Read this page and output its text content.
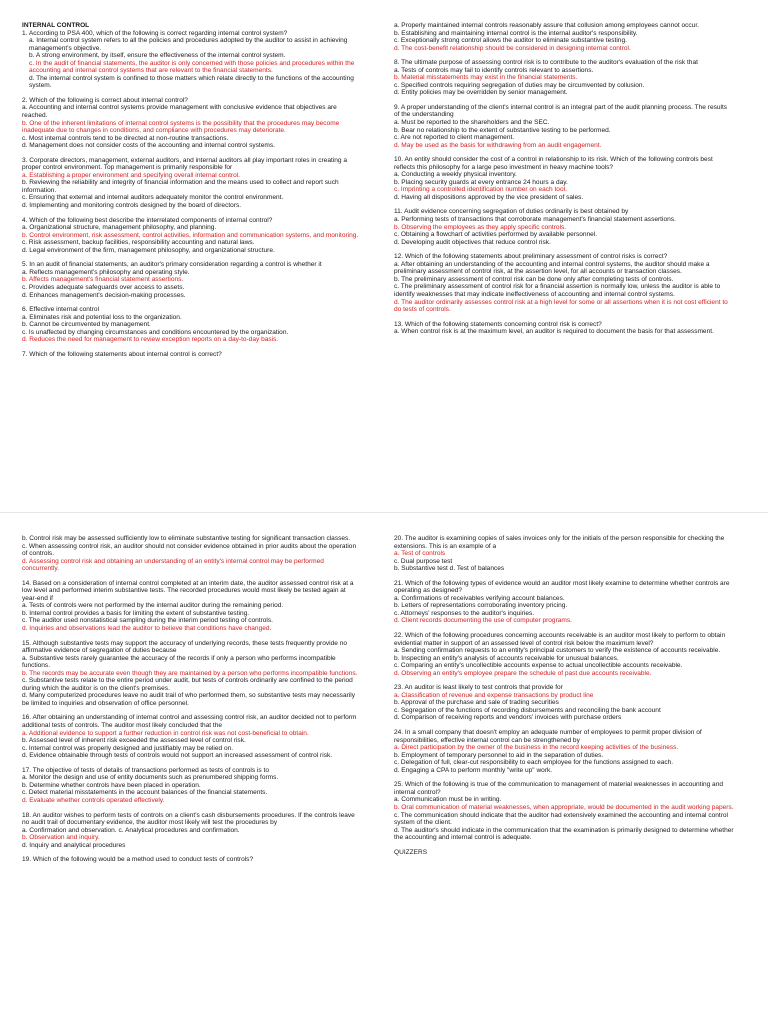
INTERNAL CONTROL

1. According to PSA 400, which of the following is correct regarding internal control system?

a. Internal control system refers to all the policies and procedures adopted by the auditor to assist in achieving management's objective.

b. A strong environment, by itself, ensure the effectiveness of the internal control system.

c. In the audit of financial statements, the auditor is only concerned with those policies and procedures within the accounting and internal control systems that are relevant to the financial statements.

d. The internal control system is confined to those matters which relate directly to the functions of the accounting system.

2. Which of the following is correct about internal control?

a. Accounting and internal control systems provide management with conclusive evidence that objectives are reached.

b. One of the inherent limitations of internal control systems is the possibility that the procedures may become inadequate due to changes in conditions, and compliance with procedures may deteriorate.

c. Most internal controls tend to be directed at non-routine transactions.

d. Management does not consider costs of the accounting and internal control systems.

3. Corporate directors, management, external auditors, and internal auditors all play important roles in creating a proper control environment. Top management is primarily responsible for

a. Establishing a proper environment and specifying overall internal control.

b. Reviewing the reliability and integrity of financial information and the means used to collect and report such information.

c. Ensuring that external and internal auditors adequately monitor the control environment.

d. Implementing and monitoring controls designed by the board of directors.

4. Which of the following best describe the interrelated components of internal control?

a. Organizational structure, management philosophy, and planning.

b. Control environment, risk assessment, control activities, information and communication systems, and monitoring.

c. Risk assessment, backup facilities, responsibility accounting and natural laws.

d. Legal environment of the firm, management philosophy, and organizational structure.

5. In an audit of financial statements, an auditor's primary consideration regarding a control is whether it

a. Reflects management's philosophy and operating style.

b. Affects management's financial statement assertions.

c. Provides adequate safeguards over access to assets.

d. Enhances management's decision-making processes.

6. Effective internal control

a. Eliminates risk and potential loss to the organization.

b. Cannot be circumvented by management.

c. Is unaffected by changing circumstances and conditions encountered by the organization.

d. Reduces the need for management to review exception reports on a day-to-day basis.

7. Which of the following statements about internal control is correct?

a. Properly maintained internal controls reasonably assure that collusion among employees cannot occur.

b. Establishing and maintaining internal control is the internal auditor's responsibility.

c. Exceptionally strong control allows the auditor to eliminate substantive testing.

d. The cost-benefit relationship should be considered in designing internal control.

8. The ultimate purpose of assessing control risk is to contribute to the auditor's evaluation of the risk that

a. Tests of controls may fail to identify controls relevant to assertions.

b. Material misstatements may exist in the financial statements.

c. Specified controls requiring segregation of duties may be circumvented by collusion.

d. Entity policies may be overridden by senior management.

9. A proper understanding of the client's internal control is an integral part of the audit planning process. The results of the understanding

a. Must be reported to the shareholders and the SEC.

b. Bear no relationship to the extent of substantive testing to be performed.

c. Are not reported to client management.

d. May be used as the basis for withdrawing from an audit engagement.

10. An entity should consider the cost of a control in relationship to its risk. Which of the following controls best reflects this philosophy for a large peso investment in heavy machine tools?

a. Conducting a weekly physical inventory.

b. Placing security guards at every entrance 24 hours a day.

c. Imprinting a controlled identification number on each tool.

d. Having all dispositions approved by the vice president of sales.

11. Audit evidence concerning segregation of duties ordinarily is best obtained by

a. Performing tests of transactions that corroborate management's financial statement assertions.

b. Observing the employees as they apply specific controls.

c. Obtaining a flowchart of activities performed by available personnel.

d. Developing audit objectives that reduce control risk.

12. Which of the following statements about preliminary assessment of control risks is correct?

a. After obtaining an understanding of the accounting and internal control systems, the auditor should make a preliminary assessment of control risk, at the assertion level, for all accounts or transaction classes.

b. The preliminary assessment of control risk can be done only after completing tests of controls.

c. The preliminary assessment of control risk for a financial assertion is normally low, unless the auditor is able to identify weaknesses that may indicate ineffectiveness of accounting and internal control systems.

d. The auditor ordinarily assesses control risk at a high level for some or all assertions when it is not cost efficient to do tests of controls.

13. Which of the following statements concerning control risk is correct?

a. When control risk is at the maximum level, an auditor is required to document the basis for that assessment.

b. Control risk may be assessed sufficiently low to eliminate substantive testing for significant transaction classes.

c. When assessing control risk, an auditor should not consider evidence obtained in prior audits about the operation of controls.

d. Assessing control risk and obtaining an understanding of an entity's internal control may be performed concurrently.

14. Based on a consideration of internal control completed at an interim date, the auditor assessed control risk at a low level and performed interim substantive tests. The recorded procedures would most likely be tested again at year-end if

a. Tests of controls were not performed by the internal auditor during the remaining period.

b. Internal control provides a basis for limiting the extent of substantive testing.

c. The auditor used nonstatistical sampling during the interim period testing of controls.

d. Inquiries and observations lead the auditor to believe that conditions have changed.

15. Although substantive tests may support the accuracy of underlying records, these tests frequently provide no affirmative evidence of segregation of duties because

a. Substantive tests rarely guarantee the accuracy of the records if only a person who performs incompatible functions.

b. The records may be accurate even though they are maintained by a person who performs incompatible functions.

c. Substantive tests relate to the entire period under audit, but tests of controls ordinarily are confined to the period during which the auditor is on the client's premises.

d. Many computerized procedures leave no audit trail of who performed them, so substantive tests may necessarily be limited to inquiries and observation of office personnel.

16. After obtaining an understanding of internal control and assessing control risk, an auditor decided not to perform additional tests of controls. The auditor most likely concluded that the

a. Additional evidence to support a further reduction in control risk was not cost-beneficial to obtain.

b. Assessed level of inherent risk exceeded the assessed level of control risk.

c. Internal control was properly designed and justifiably may be relied on.

d. Evidence obtainable through tests of controls would not support an increased assessment of control risk.

17. The objective of tests of details of transactions performed as tests of controls is to

a. Monitor the design and use of entity documents such as prenumbered shipping forms.

b. Determine whether controls have been placed in operation.

c. Detect material misstatements in the account balances of the financial statements.

d. Evaluate whether controls operated effectively.

18. An auditor wishes to perform tests of controls on a client's cash disbursements procedures. If the controls leave no audit trail of documentary evidence, the auditor most likely will test the procedures by

a. Confirmation and observation. c. Analytical procedures and confirmation.

b. Observation and inquiry.

d. Inquiry and analytical procedures

19. Which of the following would be a method used to conduct tests of controls?

20. The auditor is examining copies of sales invoices only for the initials of the person responsible for checking the extensions. This is an example of a

a. Test of controls

c. Dual purpose test

b. Substantive test d. Test of balances

21. Which of the following types of evidence would an auditor most likely examine to determine whether controls are operating as designed?

a. Confirmations of receivables verifying account balances.

b. Letters of representations corroborating inventory pricing.

c. Attorneys' responses to the auditor's inquiries.

d. Client records documenting the use of computer programs.

22. Which of the following procedures concerning accounts receivable is an auditor most likely to perform to obtain evidential matter in support of an assessed level of control risk below the maximum level?

a. Sending confirmation requests to an entity's principal customers to verify the existence of accounts receivable.

b. Inspecting an entity's analysis of accounts receivable for unusual balances.

c. Comparing an entity's uncollectible accounts expense to actual uncollectible accounts receivable.

d. Observing an entity's employee prepare the schedule of past due accounts receivable.

23. An auditor is least likely to test controls that provide for

a. Classification of revenue and expense transactions by product line

b. Approval of the purchase and sale of trading securities

c. Segregation of the functions of recording disbursements and reconciling the bank account

d. Comparison of receiving reports and vendors' invoices with purchase orders

24. In a small company that doesn't employ an adequate number of employees to permit proper division of responsibilities, effective internal control can be strengthened by

a. Direct participation by the owner of the business in the record keeping activities of the business.

b. Employment of temporary personnel to aid in the separation of duties.

c. Delegation of full, clear-cut responsibility to each employee for the functions assigned to each.

d. Engaging a CPA to perform monthly "write up" work.

25. Which of the following is true of the communication to management of material weaknesses in accounting and internal control?

a. Communication must be in writing.

b. Oral communication of material weaknesses, when appropriate, would be documented in the audit working papers.

c. The communication should indicate that the auditor had extensively examined the accounting and internal control system of the client.

d. The auditor's should indicate in the communication that the examination is primarily designed to determine whether the accounting and internal control is adequate.

QUIZZERS
